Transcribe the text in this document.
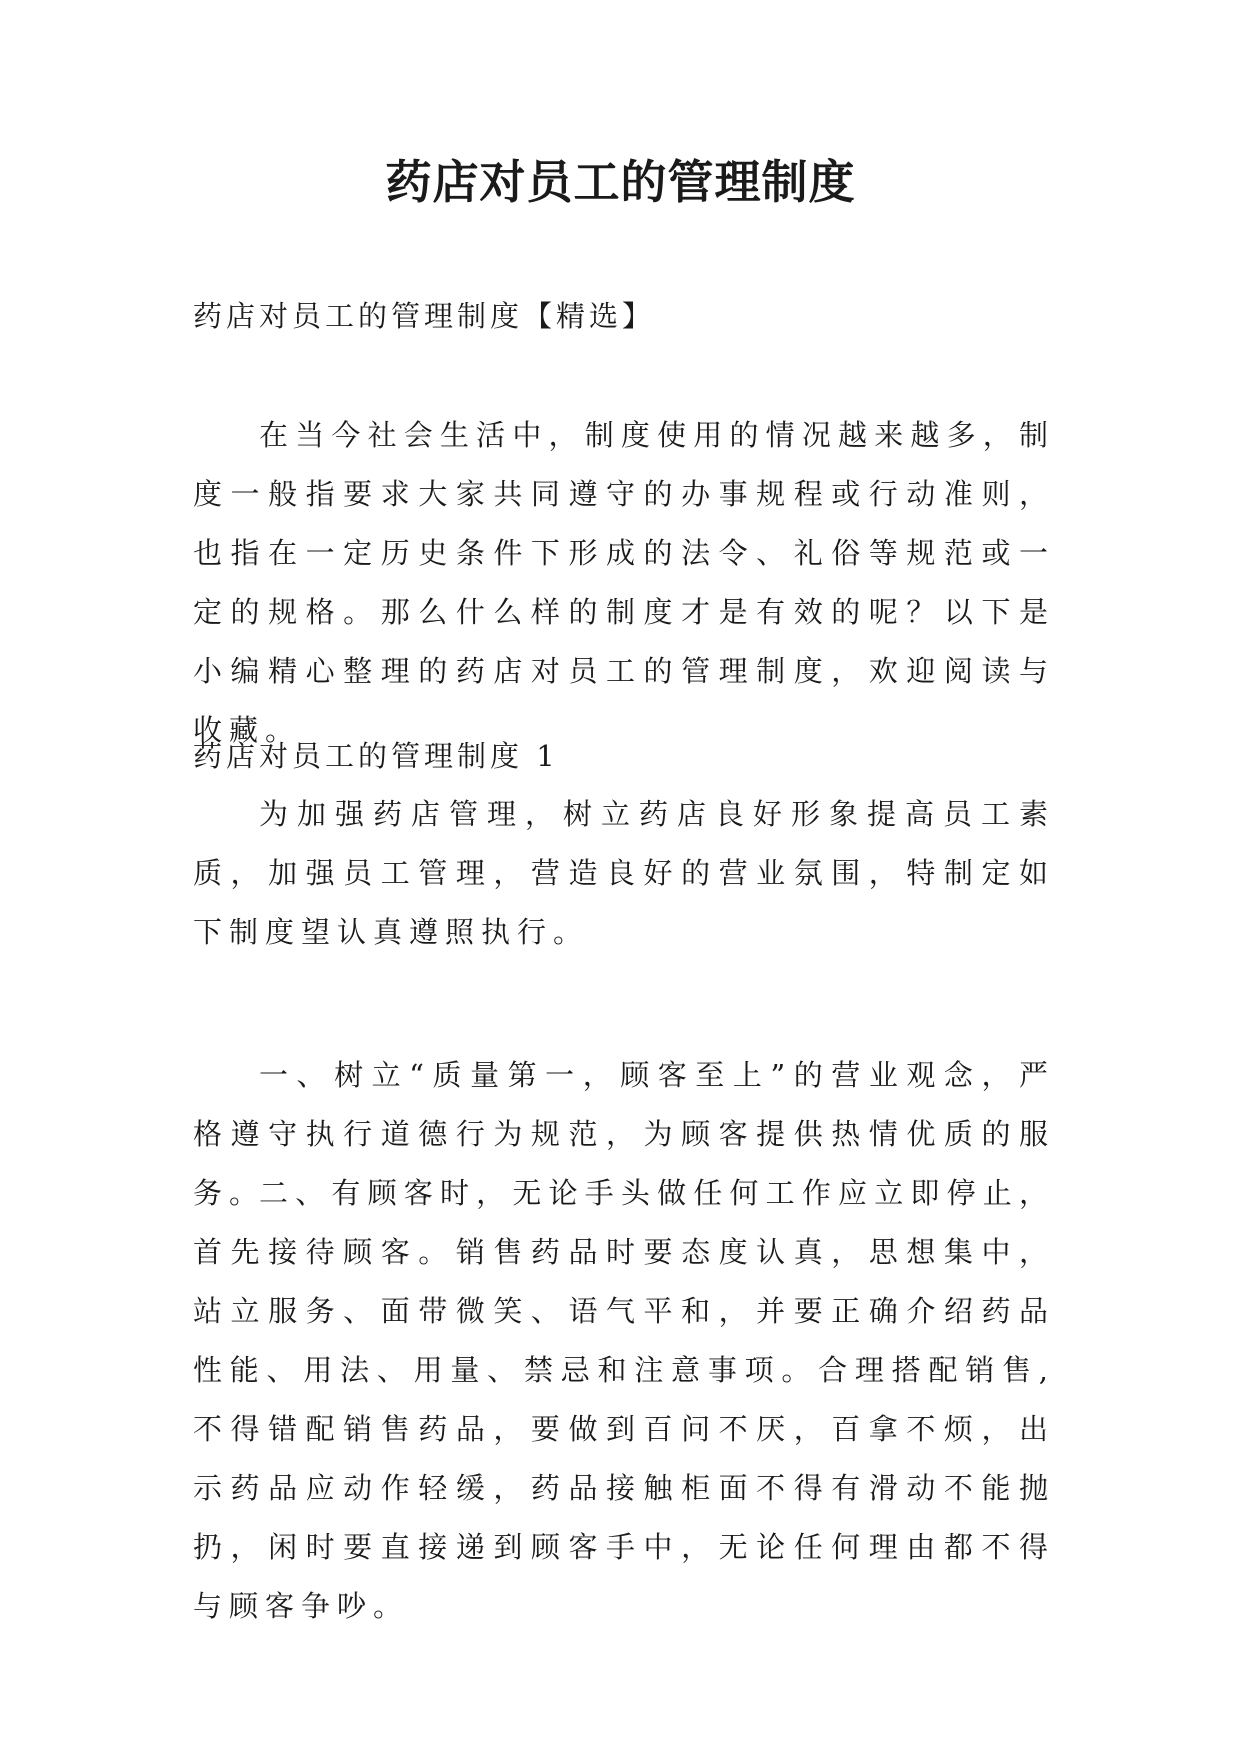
药店对员工的管理制度

药店对员工的管理制度【精选】

在当今社会生活中，制度使用的情况越来越多，制度一般指要求大家共同遵守的办事规程或行动准则，也指在一定历史条件下形成的法令、礼俗等规范或一定的规格。那么什么样的制度才是有效的呢？以下是小编精心整理的药店对员工的管理制度，欢迎阅读与收藏。

药店对员工的管理制度 1

为加强药店管理，树立药店良好形象提高员工素质，加强员工管理，营造良好的营业氛围，特制定如下制度望认真遵照执行。

一、树立“质量第一，顾客至上”的营业观念，严格遵守执行道德行为规范，为顾客提供热情优质的服务。

二、有顾客时，无论手头做任何工作应立即停止，首先接待顾客。销售药品时要态度认真，思想集中，站立服务、面带微笑、语气平和，并要正确介绍药品性能、用法、用量、禁忌和注意事项。合理搭配销售,不得错配销售药品，要做到百问不厌，百拿不烦，出示药品应动作轻缓，药品接触柜面不得有滑动不能抛扔，闲时要直接递到顾客手中，无论任何理由都不得与顾客争吵。
